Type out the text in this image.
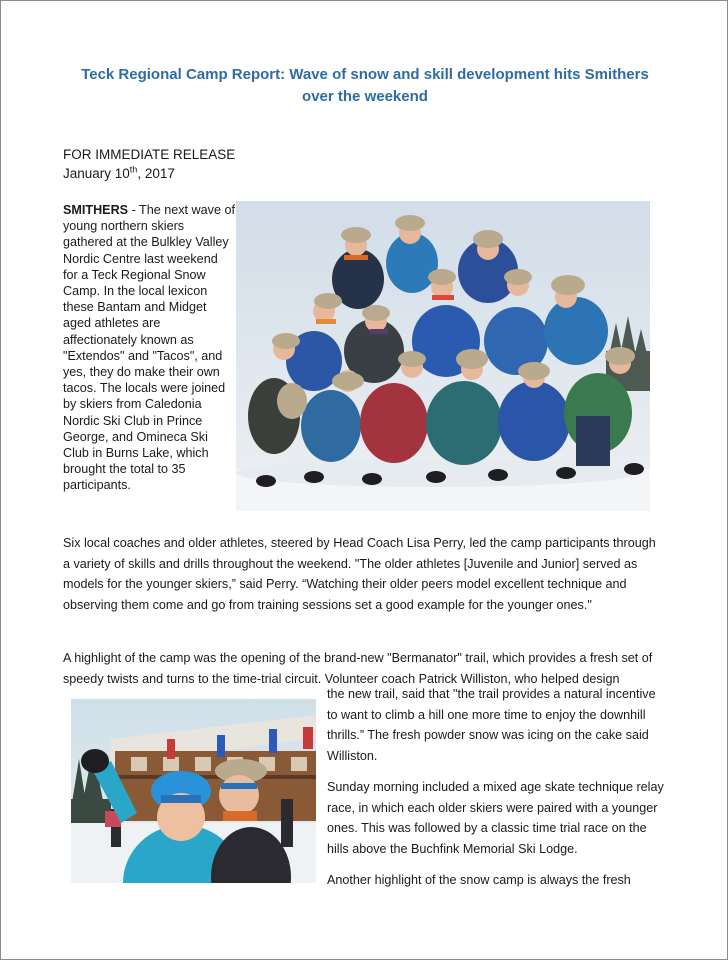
Teck Regional Camp Report: Wave of snow and skill development hits Smithers
over the weekend
FOR IMMEDIATE RELEASE
January 10th, 2017
SMITHERS - The next wave of young northern skiers gathered at the Bulkley Valley Nordic Centre last weekend for a Teck Regional Snow Camp. In the local lexicon these Bantam and Midget aged athletes are affectionately known as "Extendos" and "Tacos", and yes, they do make their own tacos. The locals were joined by skiers from Caledonia Nordic Ski Club in Prince George, and Omineca Ski Club in Burns Lake, which brought the total to 35 participants.
Six local coaches and older athletes, steered by Head Coach Lisa Perry, led the camp participants through a variety of skills and drills throughout the weekend. "The older athletes [Juvenile and Junior] served as models for the younger skiers,” said Perry. “Watching their older peers model excellent technique and observing them come and go from training sessions set a good example for the younger ones."
A highlight of the camp was the opening of the brand-new "Bermanator" trail, which provides a fresh set of speedy twists and turns to the time-trial circuit. Volunteer coach Patrick Williston, who helped design
the new trail, said that "the trail provides a natural incentive to want to climb a hill one more time to enjoy the downhill thrills.” The fresh powder snow was icing on the cake said Williston.
Sunday morning included a mixed age skate technique relay race, in which each older skiers were paired with a younger ones. This was followed by a classic time trial race on the hills above the Buchfink Memorial Ski Lodge.
Another highlight of the snow camp is always the fresh
